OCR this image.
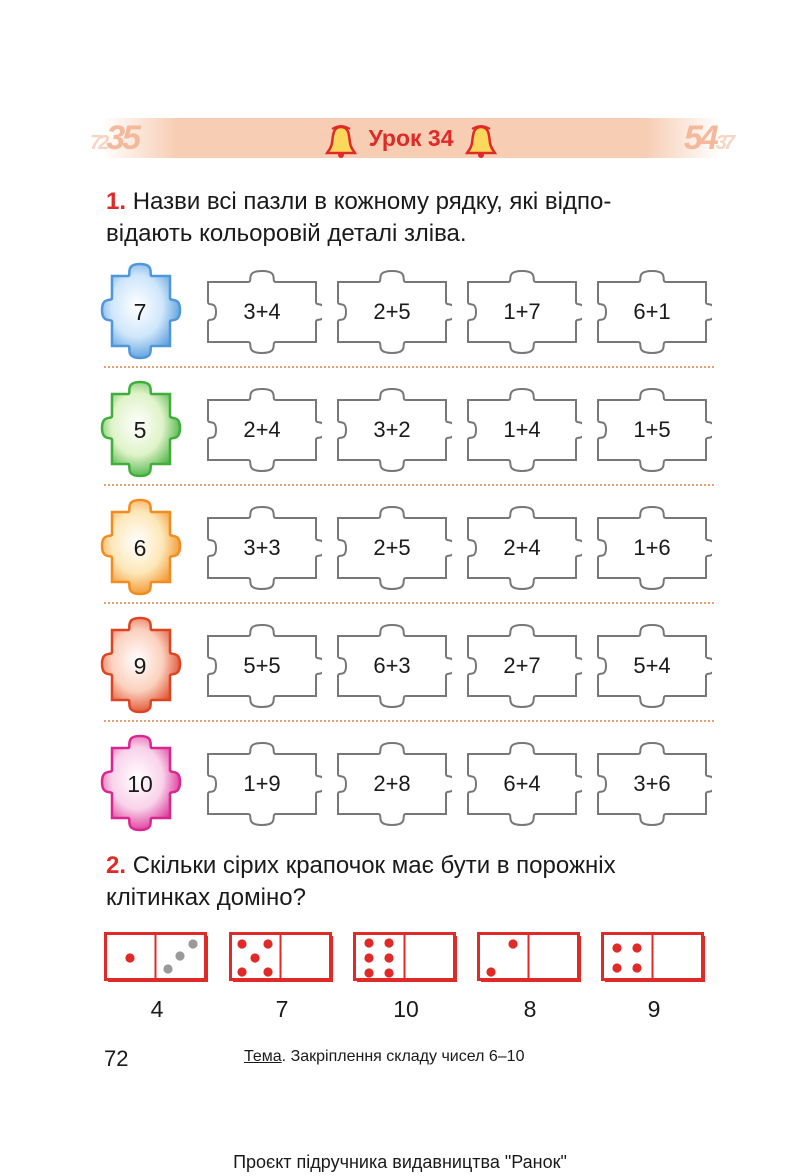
7235	Урок 34	5437
1. Назви всі пазли в кожному рядку, які відпо-
відають кольоровій деталі зліва.
7	3+4	2+5	1+7	6+1
5	2+4	3+2	1+4	1+5
6	3+3	2+5	2+4	1+6
9	5+5	6+3	2+7	5+4
10	1+9	2+8	6+4	3+6
2. Скільки сірих крапочок має бути в порожніх
клітинках доміно?
4	7	10	8	9
72	Тема. Закріплення складу чисел 6–10
Проєкт підручника видавництва "Ранок"
